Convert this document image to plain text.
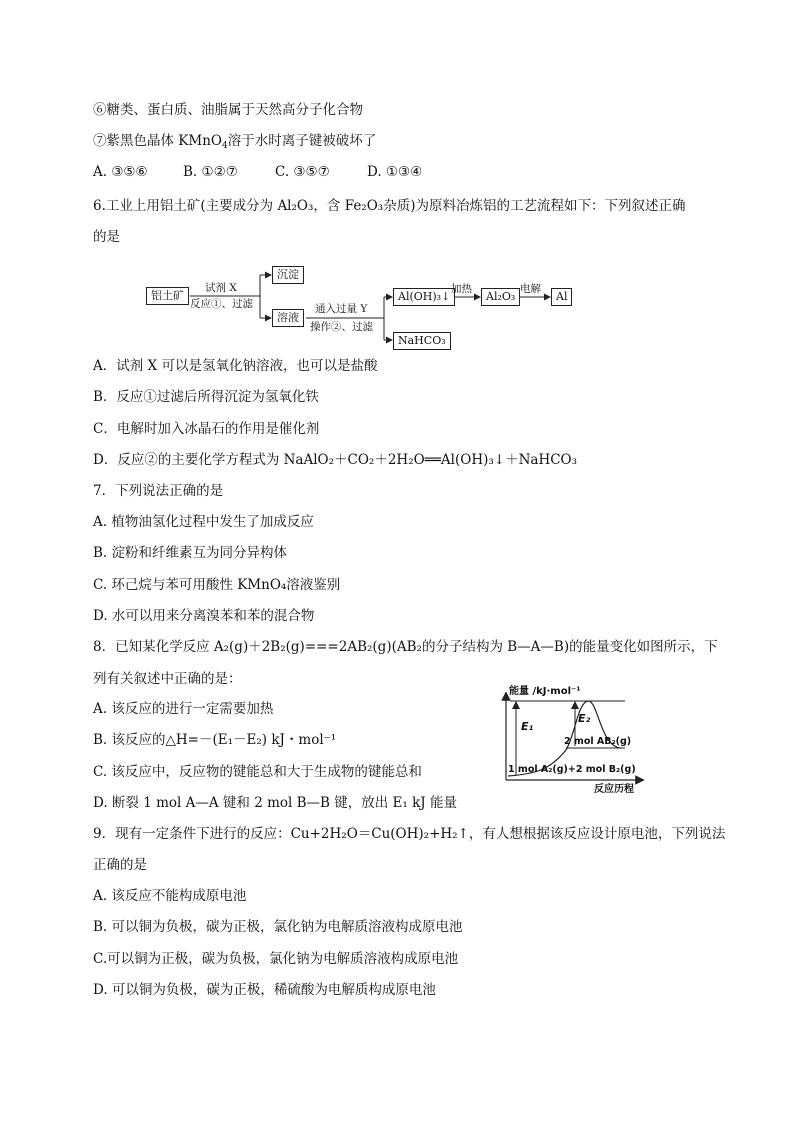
⑥糖类、蛋白质、油脂属于天然高分子化合物
⑦紫黑色晶体 KMnO$_4$溶于水时离子键被破坏了
A. ③⑤⑥	B. ①②⑦	C. ③⑤⑦	D. ①③④
6.工业上用铝土矿(主要成分为 Al₂O₃，含 Fe₂O₃杂质)为原料冶炼铝的工艺流程如下：下列叙述正确
的是
铝土矿
试剂 X
反应①、过滤
沉淀
溶液
通入过量 Y
操作②、过滤
Al(OH)₃↓
加热
Al₂O₃
电解
Al
NaHCO₃
A．试剂 X 可以是氢氧化钠溶液，也可以是盐酸
B．反应①过滤后所得沉淀为氢氧化铁
C．电解时加入冰晶石的作用是催化剂
D．反应②的主要化学方程式为 NaAlO₂＋CO₂＋2H₂O══Al(OH)₃↓＋NaHCO₃
7．下列说法正确的是
A. 植物油氢化过程中发生了加成反应
B. 淀粉和纤维素互为同分异构体
C. 环己烷与苯可用酸性 KMnO₄溶液鉴别
D. 水可以用来分离溴苯和苯的混合物
8．已知某化学反应 A₂(g)＋2B₂(g)===2AB₂(g)(AB₂的分子结构为 B—A—B)的能量变化如图所示，下
列有关叙述中正确的是：
A. 该反应的进行一定需要加热
B. 该反应的△H=－(E₁－E₂) kJ・mol⁻¹
C. 该反应中，反应物的键能总和大于生成物的键能总和
D. 断裂 1 mol A—A 键和 2 mol B—B 键，放出 E₁ kJ 能量
能量 /kJ·mol⁻¹
反应历程
E₁
E₂
2 mol AB₂(g)
1 mol A₂(g)+2 mol B₂(g)
9．现有一定条件下进行的反应：Cu+2H₂O＝Cu(OH)₂+H₂↑，有人想根据该反应设计原电池，下列说法
正确的是
A. 该反应不能构成原电池
B. 可以铜为负极，碳为正极，氯化钠为电解质溶液构成原电池
C.可以铜为正极，碳为负极，氯化钠为电解质溶液构成原电池
D. 可以铜为负极，碳为正极，稀硫酸为电解质构成原电池
